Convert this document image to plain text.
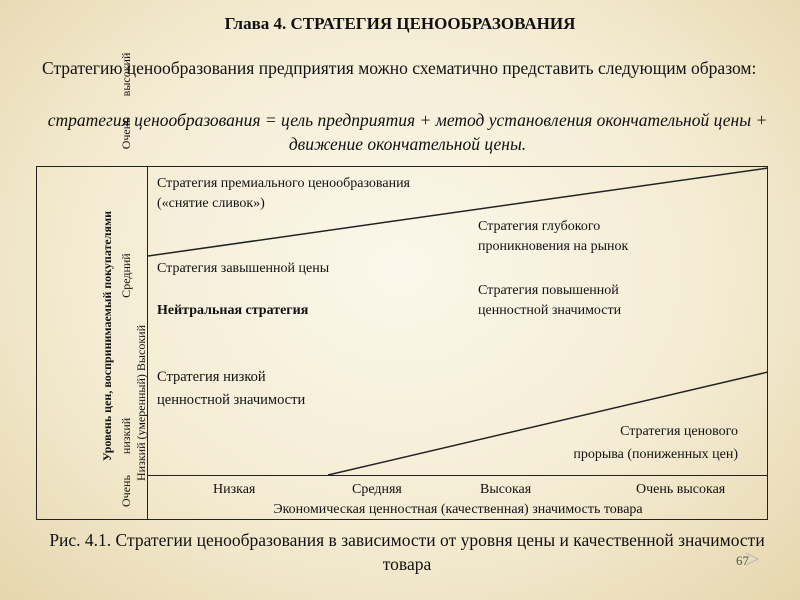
Глава 4. СТРАТЕГИЯ ЦЕНООБРАЗОВАНИЯ
Стратегию ценообразования предприятия можно схематично представить следующим образом:
стратегия ценообразования = цель предприятия + метод установления окончательной цены + движение окончательной цены.
Уровень цен, воспринимаемый покупателями
Очень низкий  Средний  Очень высокий
Низкий (умеренный) Высокий
Стратегия премиального ценообразования
(«снятие сливок»)
Стратегия глубокого
проникновения на рынок
Стратегия завышенной цены
Стратегия повышенной
ценностной значимости
Нейтральная стратегия
Стратегия низкой
ценностной значимости
Стратегия ценового
прорыва (пониженных цен)
Низкая	Средняя	Высокая	Очень высокая
Экономическая ценностная (качественная) значимость товара
Рис. 4.1. Стратегии ценообразования в зависимости от уровня цены и качественной значимости товара	67
